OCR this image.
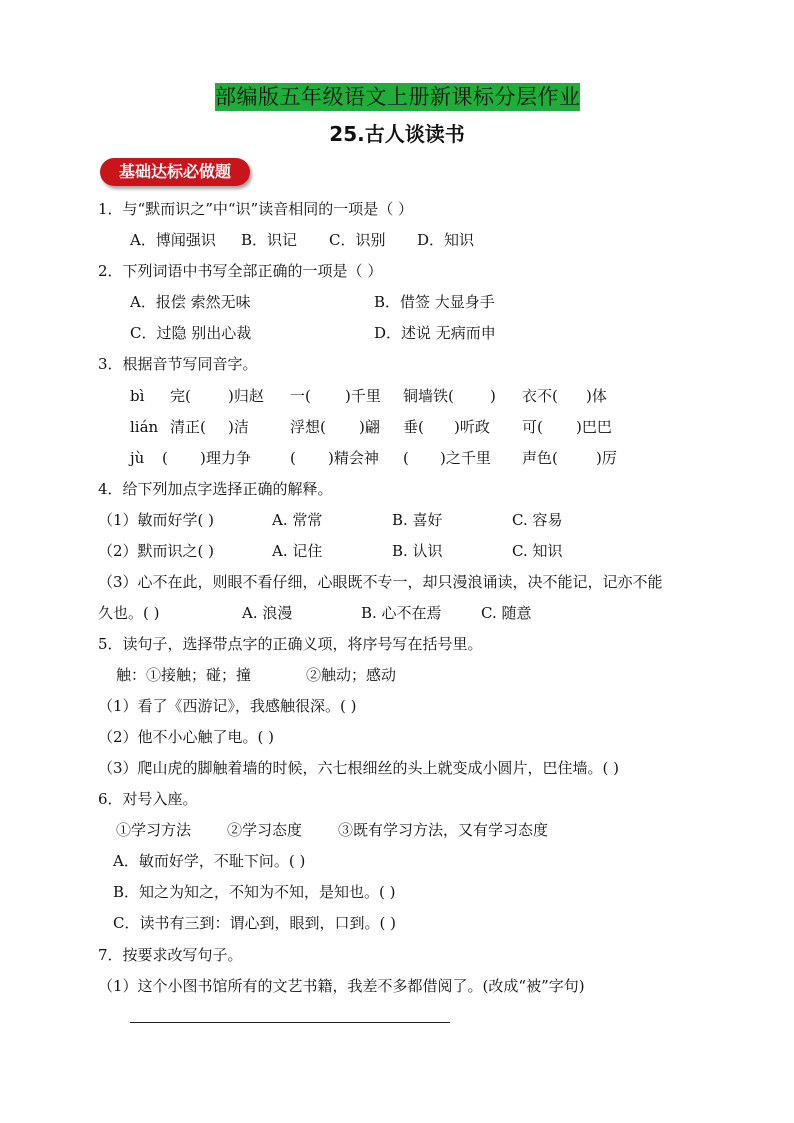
部编版五年级语文上册新课标分层作业
25.古人谈读书
基础达标必做题
1．与“默而识之”中“识”读音相同的一项是（ ）
A．博闻强识 B．识记 C．识别 D．知识
2．下列词语中书写全部正确的一项是（ ）
A．报偿 索然无味	B．借签 大显身手
C．过隐 别出心裁	D．述说 无病而申
3．根据音节写同音字。
bì 完( )归赵 一( )千里 铜墙铁( ) 衣不( )体
lián 清正( )洁	浮想( )翩 垂( )听政 可( )巴巴
jù ( )理力争	( )精会神 ( )之千里 声色(	)厉
4．给下列加点字选择正确的解释。
（1）敏而好学( )	A. 常常	B. 喜好	C. 容易
（2）默而识之( )	A. 记住	B. 认识	C. 知识
（3）心不在此，则眼不看仔细，心眼既不专一，却只漫浪诵读，决不能记，记亦不能
久也。( )	A. 浪漫	B. 心不在焉	C. 随意
5．读句子，选择带点字的正确义项，将序号写在括号里。
触：①接触；碰；撞	②触动；感动
（1）看了《西游记》，我感触很深。( )
（2）他不小心触了电。( )
（3）爬山虎的脚触着墙的时候，六七根细丝的头上就变成小圆片，巴住墙。( )
6．对号入座。
①学习方法 ②学习态度 ③既有学习方法，又有学习态度
A．敏而好学，不耻下问。( )
B．知之为知之，不知为不知，是知也。( )
C．读书有三到：谓心到，眼到，口到。( )
7．按要求改写句子。
（1）这个小图书馆所有的文艺书籍，我差不多都借阅了。(改成“被”字句)
